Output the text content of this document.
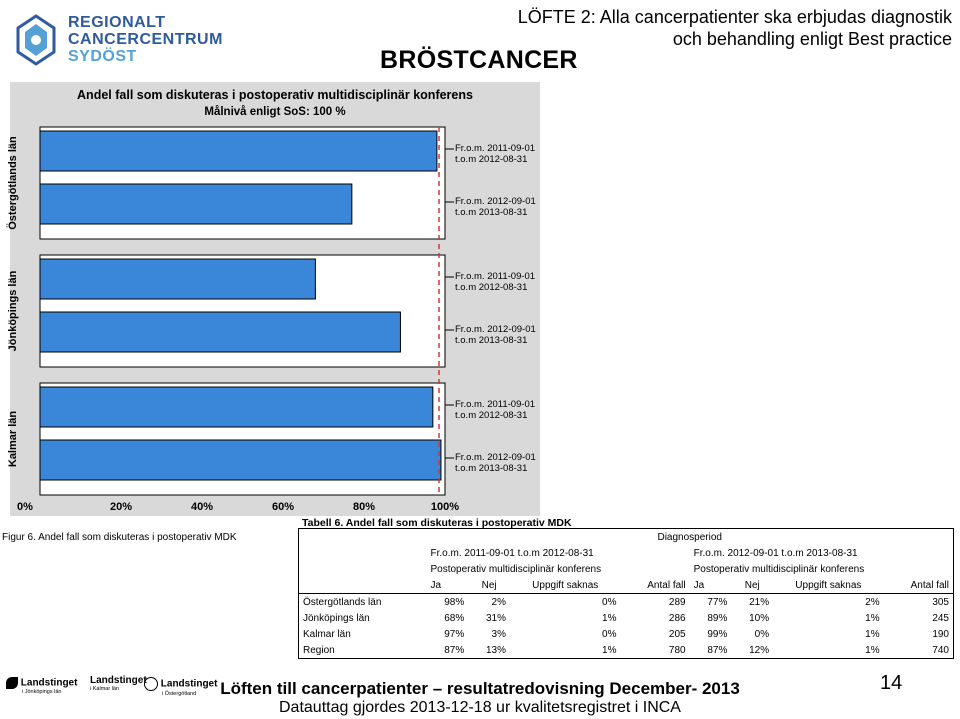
REGIONALT
CANCERCENTRUM
SYDÖST	BRÖSTCANCER
LÖFTE 2: Alla cancerpatienter ska erbjudas diagnostik
och behandling enligt Best practice
Andel fall som diskuteras i postoperativ multidisciplinär konferens
Målnivå enligt SoS: 100 %
Östergötlands län
Jönköpings län
Kalmar län
Fr.o.m. 2011-09-01
t.o.m 2012-08-31
Fr.o.m. 2012-09-01
t.o.m 2013-08-31
Fr.o.m. 2011-09-01
t.o.m 2012-08-31
Fr.o.m. 2012-09-01
t.o.m 2013-08-31
Fr.o.m. 2011-09-01
t.o.m 2012-08-31
Fr.o.m. 2012-09-01
t.o.m 2013-08-31
0%	20%	40%	60%	80%	100%
Figur 6. Andel fall som diskuteras i postoperativ MDK
Tabell 6. Andel fall som diskuteras i postoperativ MDK
	Diagnosperiod							
	Fr.o.m. 2011-09-01 t.o.m 2012-08-31				Fr.o.m. 2012-09-01 t.o.m 2013-08-31			
	Postoperativ multidisciplinär konferens				Postoperativ multidisciplinär konferens			
	Ja	Nej	Uppgift saknas	Antal fall	Ja	Nej	Uppgift saknas	Antal fall
Östergötlands län	98%	2%	0%	289	77%	21%	2%	305
Jönköpings län	68%	31%	1%	286	89%	10%	1%	245
Kalmar län	97%	3%	0%	205	99%	0%	1%	190
Region	87%	13%	1%	780	87%	12%	1%	740
Landstinget
i Jönköpings län
Landstinget
i Kalmar län	Landstinget
i Östergötland	Löften till cancerpatienter – resultatredovisning December- 2013
Datauttag gjordes 2013-12-18 ur kvalitetsregistret i INCA
14
